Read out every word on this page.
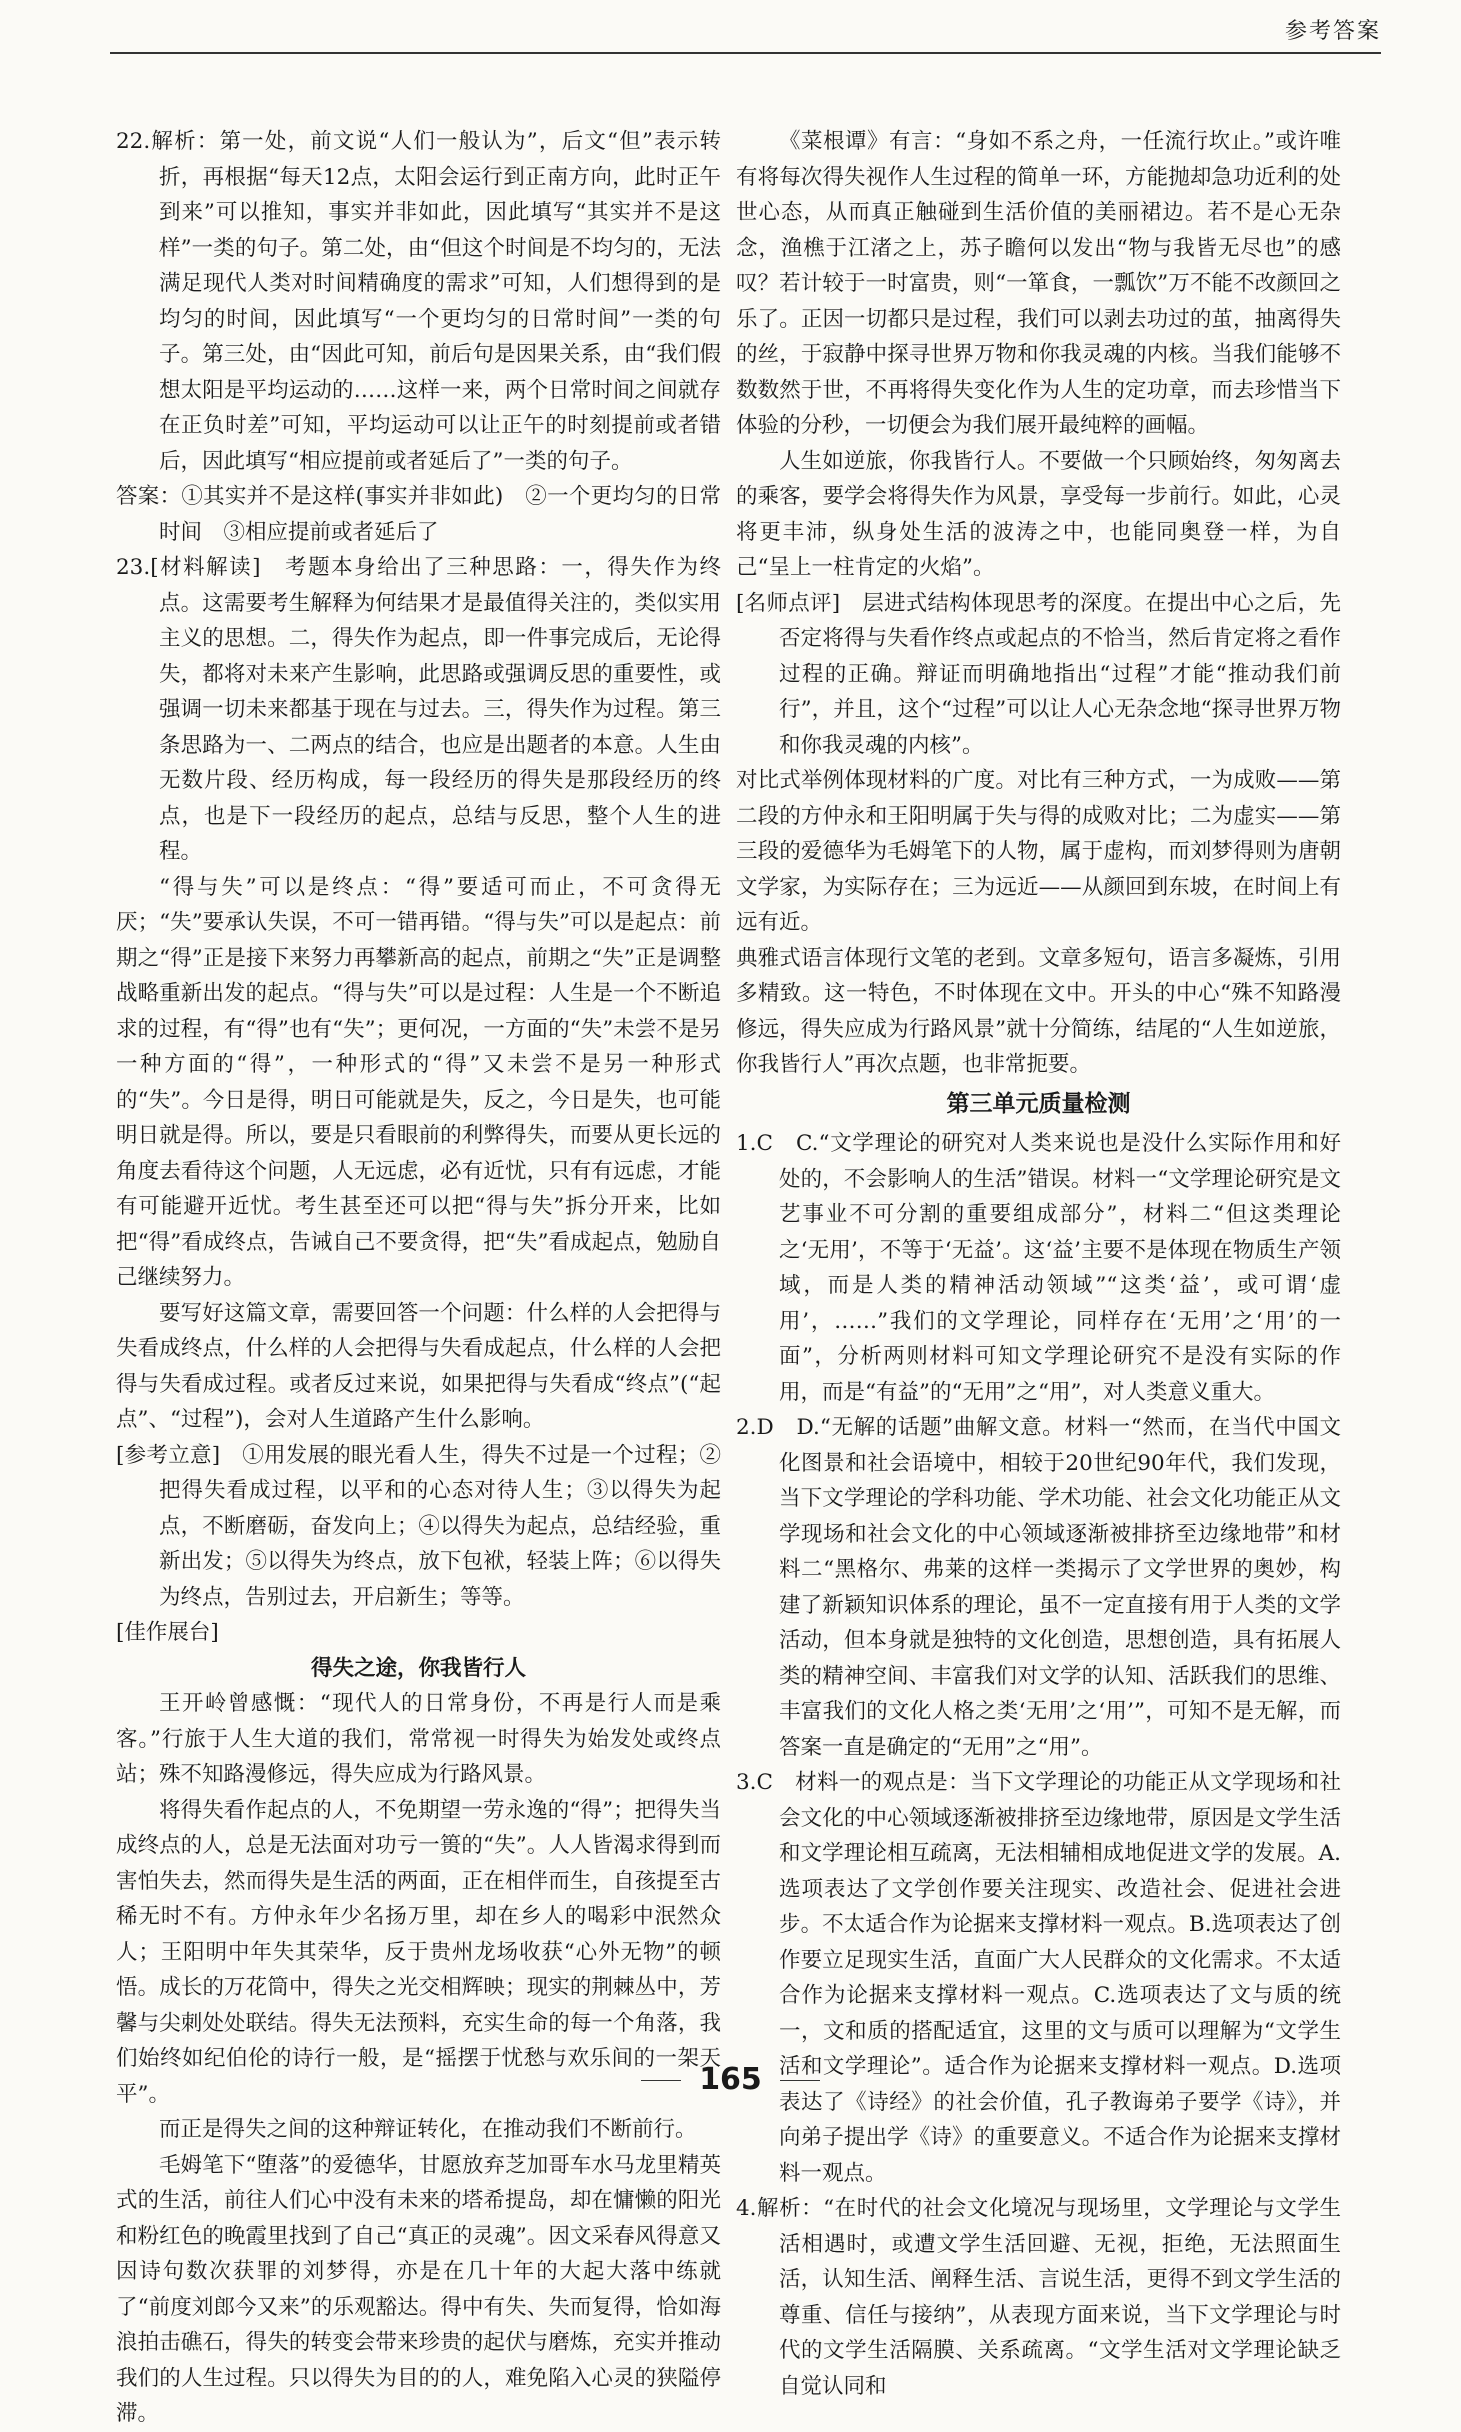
参考答案

22.解析：第一处，前文说“人们一般认为”，后文“但”表示转折，再根据“每天12点，太阳会运行到正南方向，此时正午到来”可以推知，事实并非如此，因此填写“其实并不是这样”一类的句子。第二处，由“但这个时间是不均匀的，无法满足现代人类对时间精确度的需求”可知，人们想得到的是均匀的时间，因此填写“一个更均匀的日常时间”一类的句子。第三处，由“因此可知，前后句是因果关系，由“我们假想太阳是平均运动的……这样一来，两个日常时间之间就存在正负时差”可知，平均运动可以让正午的时刻提前或者错后，因此填写“相应提前或者延后了”一类的句子。

答案：①其实并不是这样(事实并非如此)　②一个更均匀的日常时间　③相应提前或者延后了

23.[材料解读]　考题本身给出了三种思路：一，得失作为终点。这需要考生解释为何结果才是最值得关注的，类似实用主义的思想。二，得失作为起点，即一件事完成后，无论得失，都将对未来产生影响，此思路或强调反思的重要性，或强调一切未来都基于现在与过去。三，得失作为过程。第三条思路为一、二两点的结合，也应是出题者的本意。人生由无数片段、经历构成，每一段经历的得失是那段经历的终点，也是下一段经历的起点，总结与反思，整个人生的进程。

“得与失”可以是终点：“得”要适可而止，不可贪得无厌；“失”要承认失误，不可一错再错。“得与失”可以是起点：前期之“得”正是接下来努力再攀新高的起点，前期之“失”正是调整战略重新出发的起点。“得与失”可以是过程：人生是一个不断追求的过程，有“得”也有“失”；更何况，一方面的“失”未尝不是另一种方面的“得”，一种形式的“得”又未尝不是另一种形式的“失”。今日是得，明日可能就是失，反之，今日是失，也可能明日就是得。所以，要是只看眼前的利弊得失，而要从更长远的角度去看待这个问题，人无远虑，必有近忧，只有有远虑，才能有可能避开近忧。考生甚至还可以把“得与失”拆分开来，比如把“得”看成终点，告诫自己不要贪得，把“失”看成起点，勉励自己继续努力。

要写好这篇文章，需要回答一个问题：什么样的人会把得与失看成终点，什么样的人会把得与失看成起点，什么样的人会把得与失看成过程。或者反过来说，如果把得与失看成“终点”(“起点”、“过程”)，会对人生道路产生什么影响。

[参考立意]　①用发展的眼光看人生，得失不过是一个过程；②把得失看成过程，以平和的心态对待人生；③以得失为起点，不断磨砺，奋发向上；④以得失为起点，总结经验，重新出发；⑤以得失为终点，放下包袱，轻装上阵；⑥以得失为终点，告别过去，开启新生；等等。

[佳作展台]

得失之途，你我皆行人

王开岭曾感慨：“现代人的日常身份，不再是行人而是乘客。”行旅于人生大道的我们，常常视一时得失为始发处或终点站；殊不知路漫修远，得失应成为行路风景。

将得失看作起点的人，不免期望一劳永逸的“得”；把得失当成终点的人，总是无法面对功亏一篑的“失”。人人皆渴求得到而害怕失去，然而得失是生活的两面，正在相伴而生，自孩提至古稀无时不有。方仲永年少名扬万里，却在乡人的喝彩中泯然众人；王阳明中年失其荣华，反于贵州龙场收获“心外无物”的顿悟。成长的万花筒中，得失之光交相辉映；现实的荆棘丛中，芳馨与尖刺处处联结。得失无法预料，充实生命的每一个角落，我们始终如纪伯伦的诗行一般，是“摇摆于忧愁与欢乐间的一架天平”。

而正是得失之间的这种辩证转化，在推动我们不断前行。

毛姆笔下“堕落”的爱德华，甘愿放弃芝加哥车水马龙里精英式的生活，前往人们心中没有未来的塔希提岛，却在慵懒的阳光和粉红色的晚霞里找到了自己“真正的灵魂”。因文采春风得意又因诗句数次获罪的刘梦得，亦是在几十年的大起大落中练就了“前度刘郎今又来”的乐观豁达。得中有失、失而复得，恰如海浪拍击礁石，得失的转变会带来珍贵的起伏与磨炼，充实并推动我们的人生过程。只以得失为目的的人，难免陷入心灵的狭隘停滞。

《菜根谭》有言：“身如不系之舟，一任流行坎止。”或许唯有将每次得失视作人生过程的简单一环，方能抛却急功近利的处世心态，从而真正触碰到生活价值的美丽裙边。若不是心无杂念，渔樵于江渚之上，苏子瞻何以发出“物与我皆无尽也”的感叹？若计较于一时富贵，则“一箪食，一瓢饮”万不能不改颜回之乐了。正因一切都只是过程，我们可以剥去功过的茧，抽离得失的丝，于寂静中探寻世界万物和你我灵魂的内核。当我们能够不数数然于世，不再将得失变化作为人生的定功章，而去珍惜当下体验的分秒，一切便会为我们展开最纯粹的画幅。

人生如逆旅，你我皆行人。不要做一个只顾始终，匆匆离去的乘客，要学会将得失作为风景，享受每一步前行。如此，心灵将更丰沛，纵身处生活的波涛之中，也能同奥登一样，为自己“呈上一柱肯定的火焰”。

[名师点评]　层进式结构体现思考的深度。在提出中心之后，先否定将得与失看作终点或起点的不恰当，然后肯定将之看作过程的正确。辩证而明确地指出“过程”才能“推动我们前行”，并且，这个“过程”可以让人心无杂念地“探寻世界万物和你我灵魂的内核”。

对比式举例体现材料的广度。对比有三种方式，一为成败——第二段的方仲永和王阳明属于失与得的成败对比；二为虚实——第三段的爱德华为毛姆笔下的人物，属于虚构，而刘梦得则为唐朝文学家，为实际存在；三为远近——从颜回到东坡，在时间上有远有近。

典雅式语言体现行文笔的老到。文章多短句，语言多凝炼，引用多精致。这一特色，不时体现在文中。开头的中心“殊不知路漫修远，得失应成为行路风景”就十分简练，结尾的“人生如逆旅，你我皆行人”再次点题，也非常扼要。

第三单元质量检测

1.C　C.“文学理论的研究对人类来说也是没什么实际作用和好处的，不会影响人的生活”错误。材料一“文学理论研究是文艺事业不可分割的重要组成部分”，材料二“但这类理论之‘无用’，不等于‘无益’。这‘益’主要不是体现在物质生产领域，而是人类的精神活动领域”“这类‘益’，或可谓‘虚用’，……”我们的文学理论，同样存在‘无用’之‘用’的一面”，分析两则材料可知文学理论研究不是没有实际的作用，而是“有益”的“无用”之“用”，对人类意义重大。

2.D　D.“无解的话题”曲解文意。材料一“然而，在当代中国文化图景和社会语境中，相较于20世纪90年代，我们发现，当下文学理论的学科功能、学术功能、社会文化功能正从文学现场和社会文化的中心领域逐渐被排挤至边缘地带”和材料二“黑格尔、弗莱的这样一类揭示了文学世界的奥妙，构建了新颖知识体系的理论，虽不一定直接有用于人类的文学活动，但本身就是独特的文化创造，思想创造，具有拓展人类的精神空间、丰富我们对文学的认知、活跃我们的思维、丰富我们的文化人格之类‘无用’之‘用’”，可知不是无解，而答案一直是确定的“无用”之“用”。

3.C　材料一的观点是：当下文学理论的功能正从文学现场和社会文化的中心领域逐渐被排挤至边缘地带，原因是文学生活和文学理论相互疏离，无法相辅相成地促进文学的发展。A.选项表达了文学创作要关注现实、改造社会、促进社会进步。不太适合作为论据来支撑材料一观点。B.选项表达了创作要立足现实生活，直面广大人民群众的文化需求。不太适合作为论据来支撑材料一观点。C.选项表达了文与质的统一，文和质的搭配适宜，这里的文与质可以理解为“文学生活和文学理论”。适合作为论据来支撑材料一观点。D.选项表达了《诗经》的社会价值，孔子教诲弟子要学《诗》，并向弟子提出学《诗》的重要意义。不适合作为论据来支撑材料一观点。

4.解析：“在时代的社会文化境况与现场里，文学理论与文学生活相遇时，或遭文学生活回避、无视，拒绝，无法照面生活，认知生活、阐释生活、言说生活，更得不到文学生活的尊重、信任与接纳”，从表现方面来说，当下文学理论与时代的文学生活隔膜、关系疏离。“文学生活对文学理论缺乏自觉认同和

165
